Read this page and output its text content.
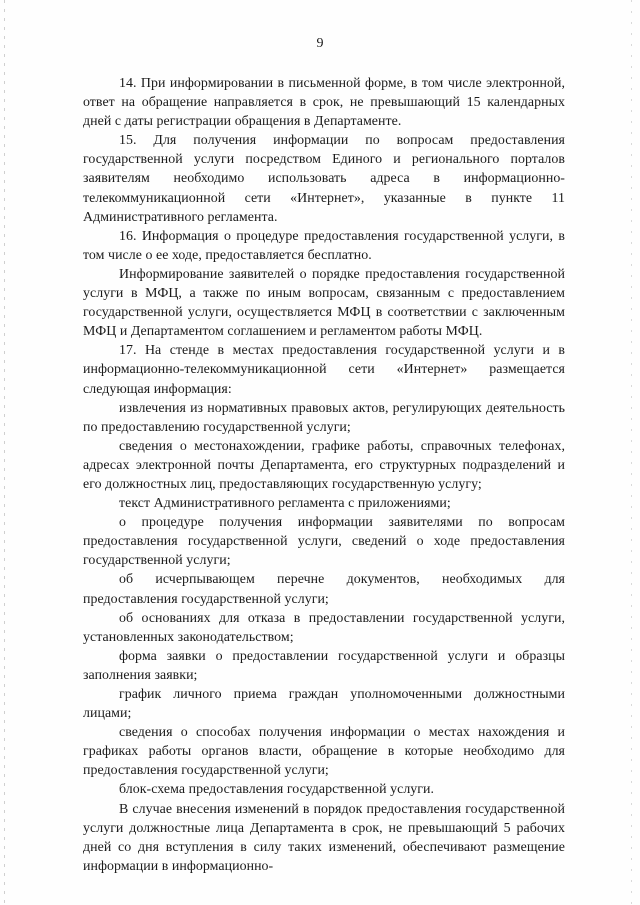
9

14. При информировании в письменной форме, в том числе электронной, ответ на обращение направляется в срок, не превышающий 15 календарных дней с даты регистрации обращения в Департаменте.

15. Для получения информации по вопросам предоставления государственной услуги посредством Единого и регионального порталов заявителям необходимо использовать адреса в информационно-телекоммуникационной сети «Интернет», указанные в пункте 11 Административного регламента.

16. Информация о процедуре предоставления государственной услуги, в том числе о ее ходе, предоставляется бесплатно.

Информирование заявителей о порядке предоставления государственной услуги в МФЦ, а также по иным вопросам, связанным с предоставлением государственной услуги, осуществляется МФЦ в соответствии с заключенным МФЦ и Департаментом соглашением и регламентом работы МФЦ.

17. На стенде в местах предоставления государственной услуги и в информационно-телекоммуникационной сети «Интернет» размещается следующая информация:

извлечения из нормативных правовых актов, регулирующих деятельность по предоставлению государственной услуги;

сведения о местонахождении, графике работы, справочных телефонах, адресах электронной почты Департамента, его структурных подразделений и его должностных лиц, предоставляющих государственную услугу;

текст Административного регламента с приложениями;

о процедуре получения информации заявителями по вопросам предоставления государственной услуги, сведений о ходе предоставления государственной услуги;

об исчерпывающем перечне документов, необходимых для предоставления государственной услуги;

об основаниях для отказа в предоставлении государственной услуги, установленных законодательством;

форма заявки о предоставлении государственной услуги и образцы заполнения заявки;

график личного приема граждан уполномоченными должностными лицами;

сведения о способах получения информации о местах нахождения и графиках работы органов власти, обращение в которые необходимо для предоставления государственной услуги;

блок-схема предоставления государственной услуги.

В случае внесения изменений в порядок предоставления государственной услуги должностные лица Департамента в срок, не превышающий 5 рабочих дней со дня вступления в силу таких изменений, обеспечивают размещение информации в информационно-
